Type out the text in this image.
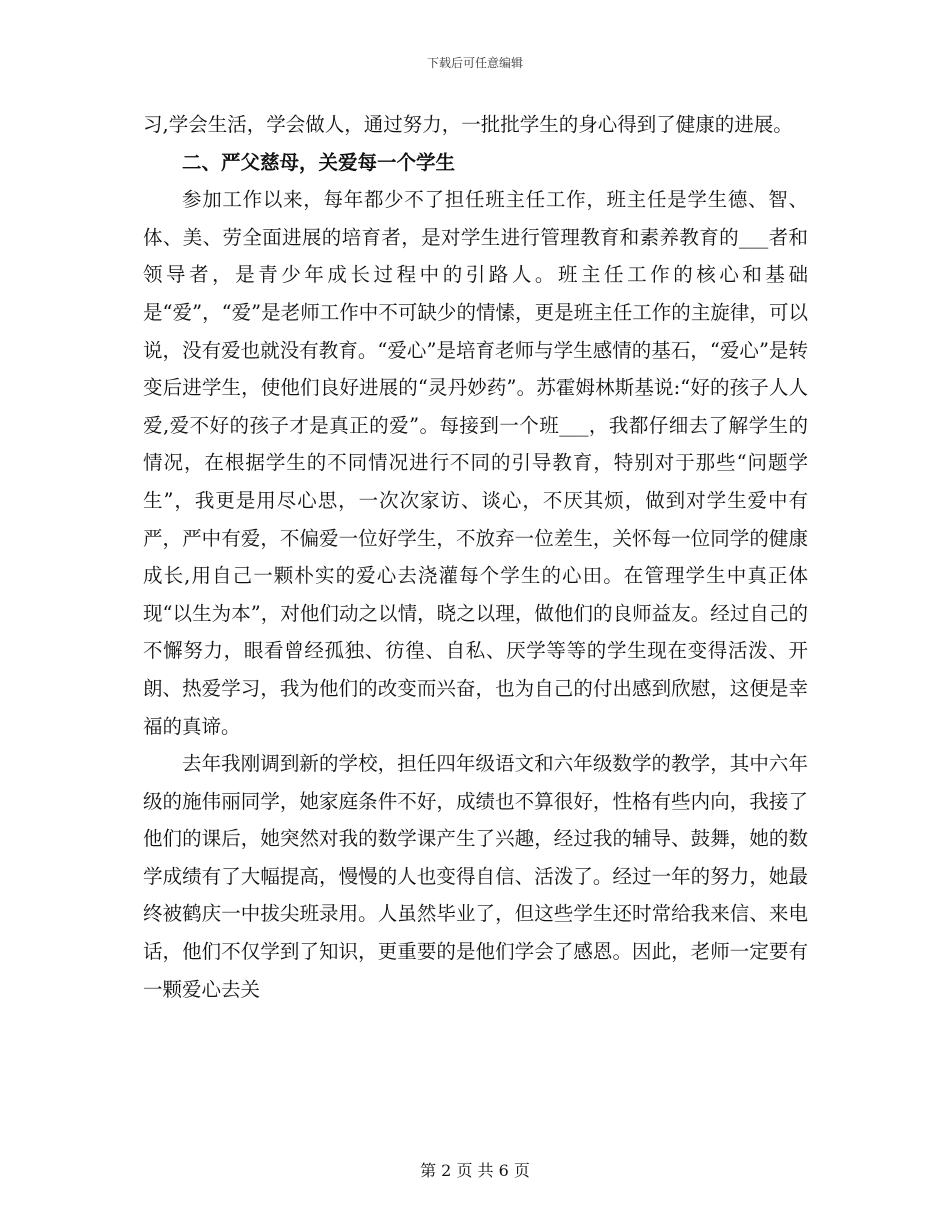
下载后可任意编辑

习,学会生活，学会做人，通过努力，一批批学生的身心得到了健康的进展。

二、严父慈母，关爱每一个学生

参加工作以来，每年都少不了担任班主任工作，班主任是学生德、智、体、美、劳全面进展的培育者，是对学生进行管理教育和素养教育的___者和领导者，是青少年成长过程中的引路人。班主任工作的核心和基础是“爱”，“爱”是老师工作中不可缺少的情愫，更是班主任工作的主旋律，可以说，没有爱也就没有教育。“爱心”是培育老师与学生感情的基石，“爱心”是转变后进学生，使他们良好进展的“灵丹妙药”。苏霍姆林斯基说:“好的孩子人人爱,爱不好的孩子才是真正的爱”。每接到一个班___，我都仔细去了解学生的情况，在根据学生的不同情况进行不同的引导教育，特别对于那些“问题学生”，我更是用尽心思，一次次家访、谈心，不厌其烦，做到对学生爱中有严，严中有爱，不偏爱一位好学生，不放弃一位差生，关怀每一位同学的健康成长,用自己一颗朴实的爱心去浇灌每个学生的心田。在管理学生中真正体现“以生为本”，对他们动之以情，晓之以理，做他们的良师益友。经过自己的不懈努力，眼看曾经孤独、彷徨、自私、厌学等等的学生现在变得活泼、开朗、热爱学习，我为他们的改变而兴奋，也为自己的付出感到欣慰，这便是幸福的真谛。

去年我刚调到新的学校，担任四年级语文和六年级数学的教学，其中六年级的施伟丽同学，她家庭条件不好，成绩也不算很好，性格有些内向，我接了他们的课后，她突然对我的数学课产生了兴趣，经过我的辅导、鼓舞，她的数学成绩有了大幅提高，慢慢的人也变得自信、活泼了。经过一年的努力，她最终被鹤庆一中拔尖班录用。人虽然毕业了，但这些学生还时常给我来信、来电话，他们不仅学到了知识，更重要的是他们学会了感恩。因此，老师一定要有一颗爱心去关

第 2 页 共 6 页
